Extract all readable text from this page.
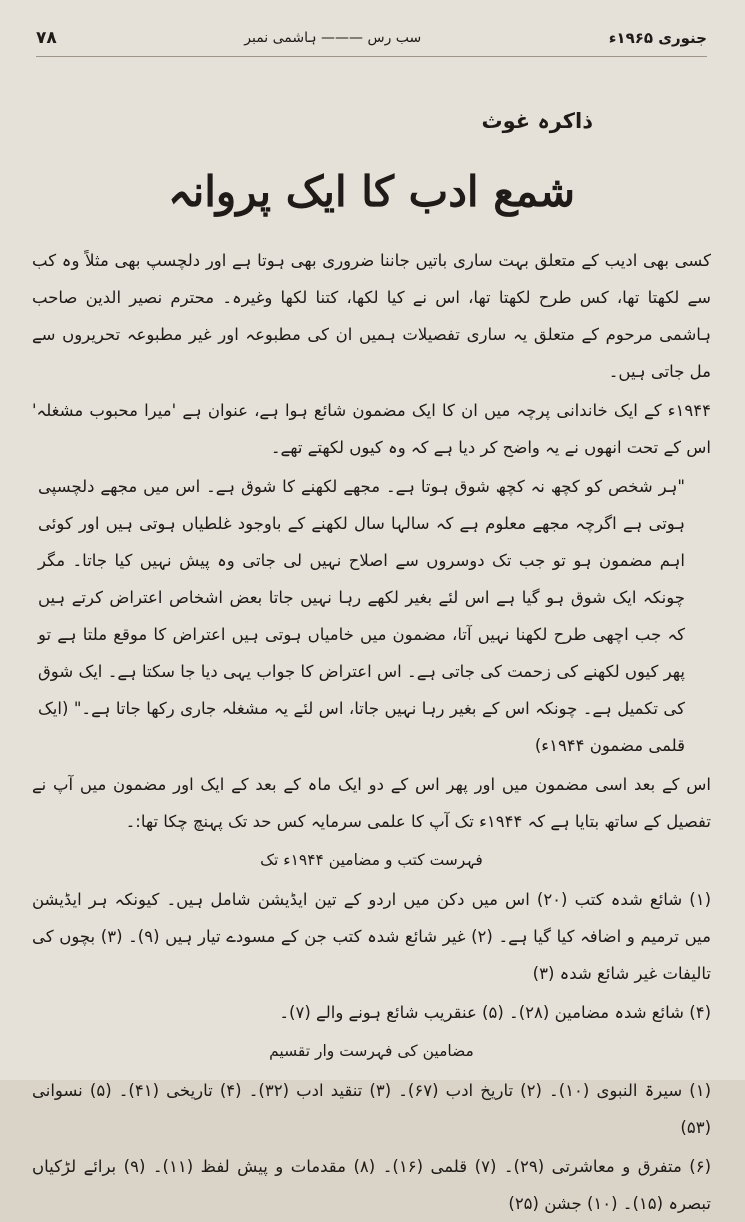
جنوری ۱۹۶۵ء
سب رس ——— ہاشمی نمبر
۷۸
ذاکرہ غوث
شمع ادب کا ایک پروانہ

کسی بھی ادیب کے متعلق بہت ساری باتیں جاننا ضروری بھی ہوتا ہے اور دلچسپ بھی مثلاً وہ کب سے لکھتا تھا، کس طرح لکھتا تھا، اس نے کیا لکھا، کتنا لکھا وغیرہ۔ محترم نصیر الدین صاحب ہاشمی مرحوم کے متعلق یہ ساری تفصیلات ہمیں ان کی مطبوعہ اور غیر مطبوعہ تحریروں سے مل جاتی ہیں۔

۱۹۴۴ء کے ایک خاندانی پرچہ میں ان کا ایک مضمون شائع ہوا ہے، عنوان ہے 'میرا محبوب مشغلہ' اس کے تحت انھوں نے یہ واضح کر دیا ہے کہ وہ کیوں لکھتے تھے۔

"ہر شخص کو کچھ نہ کچھ شوق ہوتا ہے۔ مجھے لکھنے کا شوق ہے۔ اس میں مجھے دلچسپی ہوتی ہے اگرچہ مجھے معلوم ہے کہ سالہا سال لکھنے کے باوجود غلطیاں ہوتی ہیں اور کوئی اہم مضمون ہو تو جب تک دوسروں سے اصلاح نہیں لی جاتی وہ پیش نہیں کیا جاتا۔ مگر چونکہ ایک شوق ہو گیا ہے اس لئے بغیر لکھے رہا نہیں جاتا بعض اشخاص اعتراض کرتے ہیں کہ جب اچھی طرح لکھنا نہیں آتا، مضمون میں خامیاں ہوتی ہیں اعتراض کا موقع ملتا ہے تو پھر کیوں لکھنے کی زحمت کی جاتی ہے۔ اس اعتراض کا جواب یہی دیا جا سکتا ہے۔ ایک شوق کی تکمیل ہے۔ چونکہ اس کے بغیر رہا نہیں جاتا، اس لئے یہ مشغلہ جاری رکھا جاتا ہے۔" (ایک قلمی مضمون ۱۹۴۴ء)

اس کے بعد اسی مضمون میں اور پھر اس کے دو ایک ماہ کے بعد کے ایک اور مضمون میں آپ نے تفصیل کے ساتھ بتایا ہے کہ ۱۹۴۴ء تک آپ کا علمی سرمایہ کس حد تک پہنچ چکا تھا:۔

فہرست کتب و مضامین ۱۹۴۴ء تک

(۱) شائع شدہ کتب (۲۰) اس میں دکن میں اردو کے تین ایڈیشن شامل ہیں۔ کیونکہ ہر ایڈیشن میں ترمیم و اضافہ کیا گیا ہے۔ (۲) غیر شائع شدہ کتب جن کے مسودے تیار ہیں (۹)۔ (۳) بچوں کی تالیفات غیر شائع شدہ (۳)

(۴) شائع شدہ مضامین (۲۸)۔ (۵) عنقریب شائع ہونے والے (۷)۔

مضامین کی فہرست وار تقسیم

(۱) سیرۃ النبوی (۱۰)۔ (۲) تاریخ ادب (۶۷)۔ (۳) تنقید ادب (۳۲)۔ (۴) تاریخی (۴۱)۔ (۵) نسوانی (۵۳)

(۶) متفرق و معاشرتی (۲۹)۔ (۷) قلمی (۱۶)۔ (۸) مقدمات و پیش لفظ (۱۱)۔ (۹) برائے لڑکیاں تبصرہ (۱۵)۔ (۱۰) جشن (۲۵)
